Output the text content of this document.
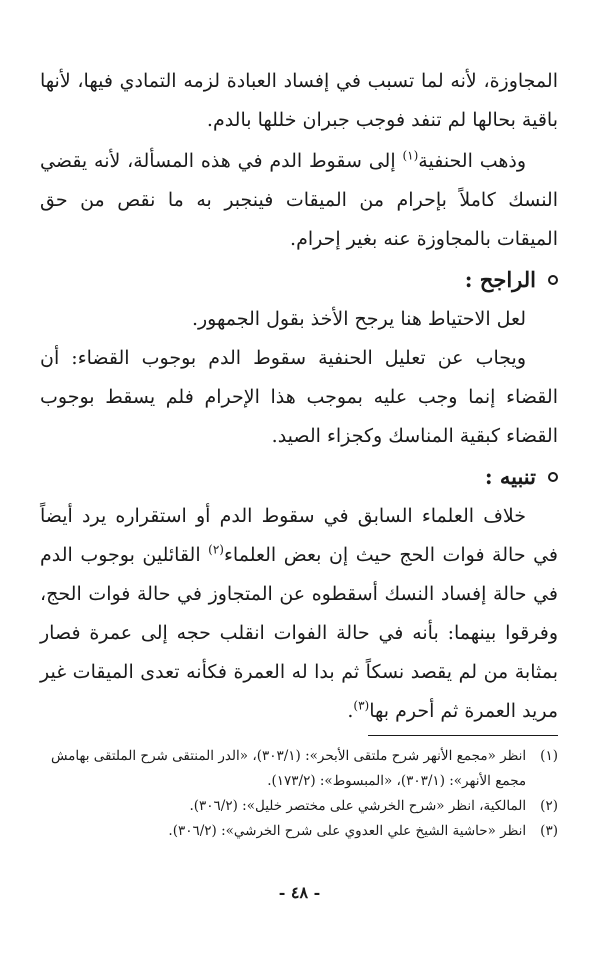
المجاوزة، لأنه لما تسبب في إفساد العبادة لزمه التمادي فيها، لأنها باقية بحالها لم تنفد فوجب جبران خللها بالدم.

وذهب الحنفية$^{(١)}$ إلى سقوط الدم في هذه المسألة، لأنه يقضي النسك كاملاً بإحرام من الميقات فينجبر به ما نقص من حق الميقات بالمجاوزة عنه بغير إحرام.

الراجح :

لعل الاحتياط هنا يرجح الأخذ بقول الجمهور.

ويجاب عن تعليل الحنفية سقوط الدم بوجوب القضاء: أن القضاء إنما وجب عليه بموجب هذا الإحرام فلم يسقط بوجوب القضاء كبقية المناسك وكجزاء الصيد.

تنبيه :

خلاف العلماء السابق في سقوط الدم أو استقراره يرد أيضاً في حالة فوات الحج حيث إن بعض العلماء$^{(٢)}$ القائلين بوجوب الدم في حالة إفساد النسك أسقطوه عن المتجاوز في حالة فوات الحج، وفرقوا بينهما: بأنه في حالة الفوات انقلب حجه إلى عمرة فصار بمثابة من لم يقصد نسكاً ثم بدا له العمرة فكأنه تعدى الميقات غير مريد العمرة ثم أحرم بها$^{(٣)}$.

(١)
انظر «مجمع الأنهر شرح ملتقى الأبحر»: (٣٠٣/١)، «الدر المنتقى شرح الملتقى بهامش مجمع الأنهر»: (٣٠٣/١)، «المبسوط»: (١٧٣/٢).
(٢)
المالكية، انظر «شرح الخرشي على مختصر خليل»: (٣٠٦/٢).
(٣)
انظر «حاشية الشيخ علي العدوي على شرح الخرشي»: (٣٠٦/٢).
- ٤٨ -
